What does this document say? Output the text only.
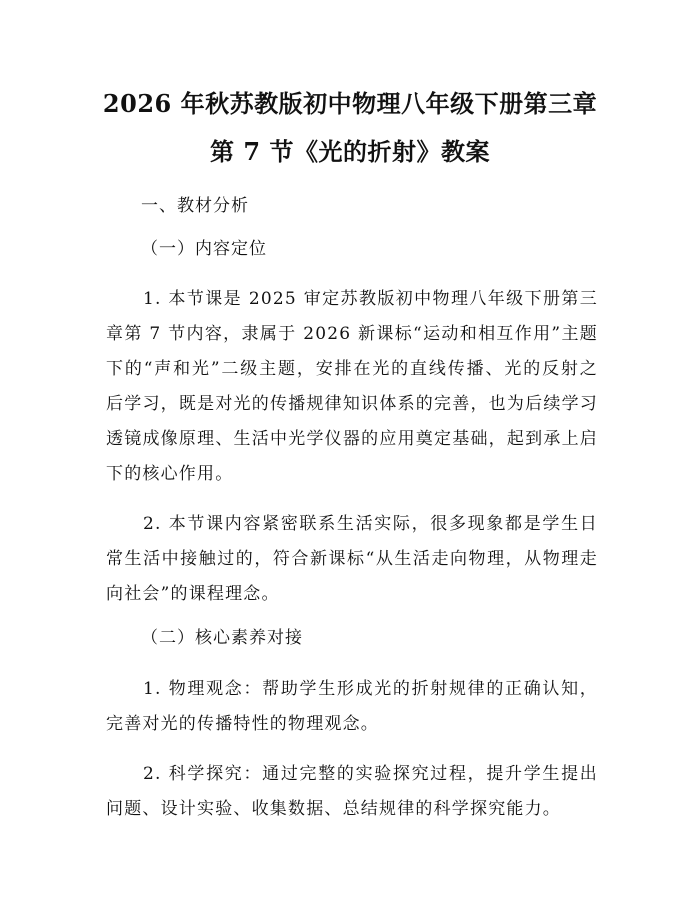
2026 年秋苏教版初中物理八年级下册第三章
第 7 节《光的折射》教案
一、教材分析
（一）内容定位
1. 本节课是 2025 审定苏教版初中物理八年级下册第三章第 7 节内容，隶属于 2026 新课标“运动和相互作用”主题下的“声和光”二级主题，安排在光的直线传播、光的反射之后学习，既是对光的传播规律知识体系的完善，也为后续学习透镜成像原理、生活中光学仪器的应用奠定基础，起到承上启下的核心作用。
2. 本节课内容紧密联系生活实际，很多现象都是学生日常生活中接触过的，符合新课标“从生活走向物理，从物理走向社会”的课程理念。
（二）核心素养对接
1. 物理观念：帮助学生形成光的折射规律的正确认知，完善对光的传播特性的物理观念。
2. 科学探究：通过完整的实验探究过程，提升学生提出问题、设计实验、收集数据、总结规律的科学探究能力。
